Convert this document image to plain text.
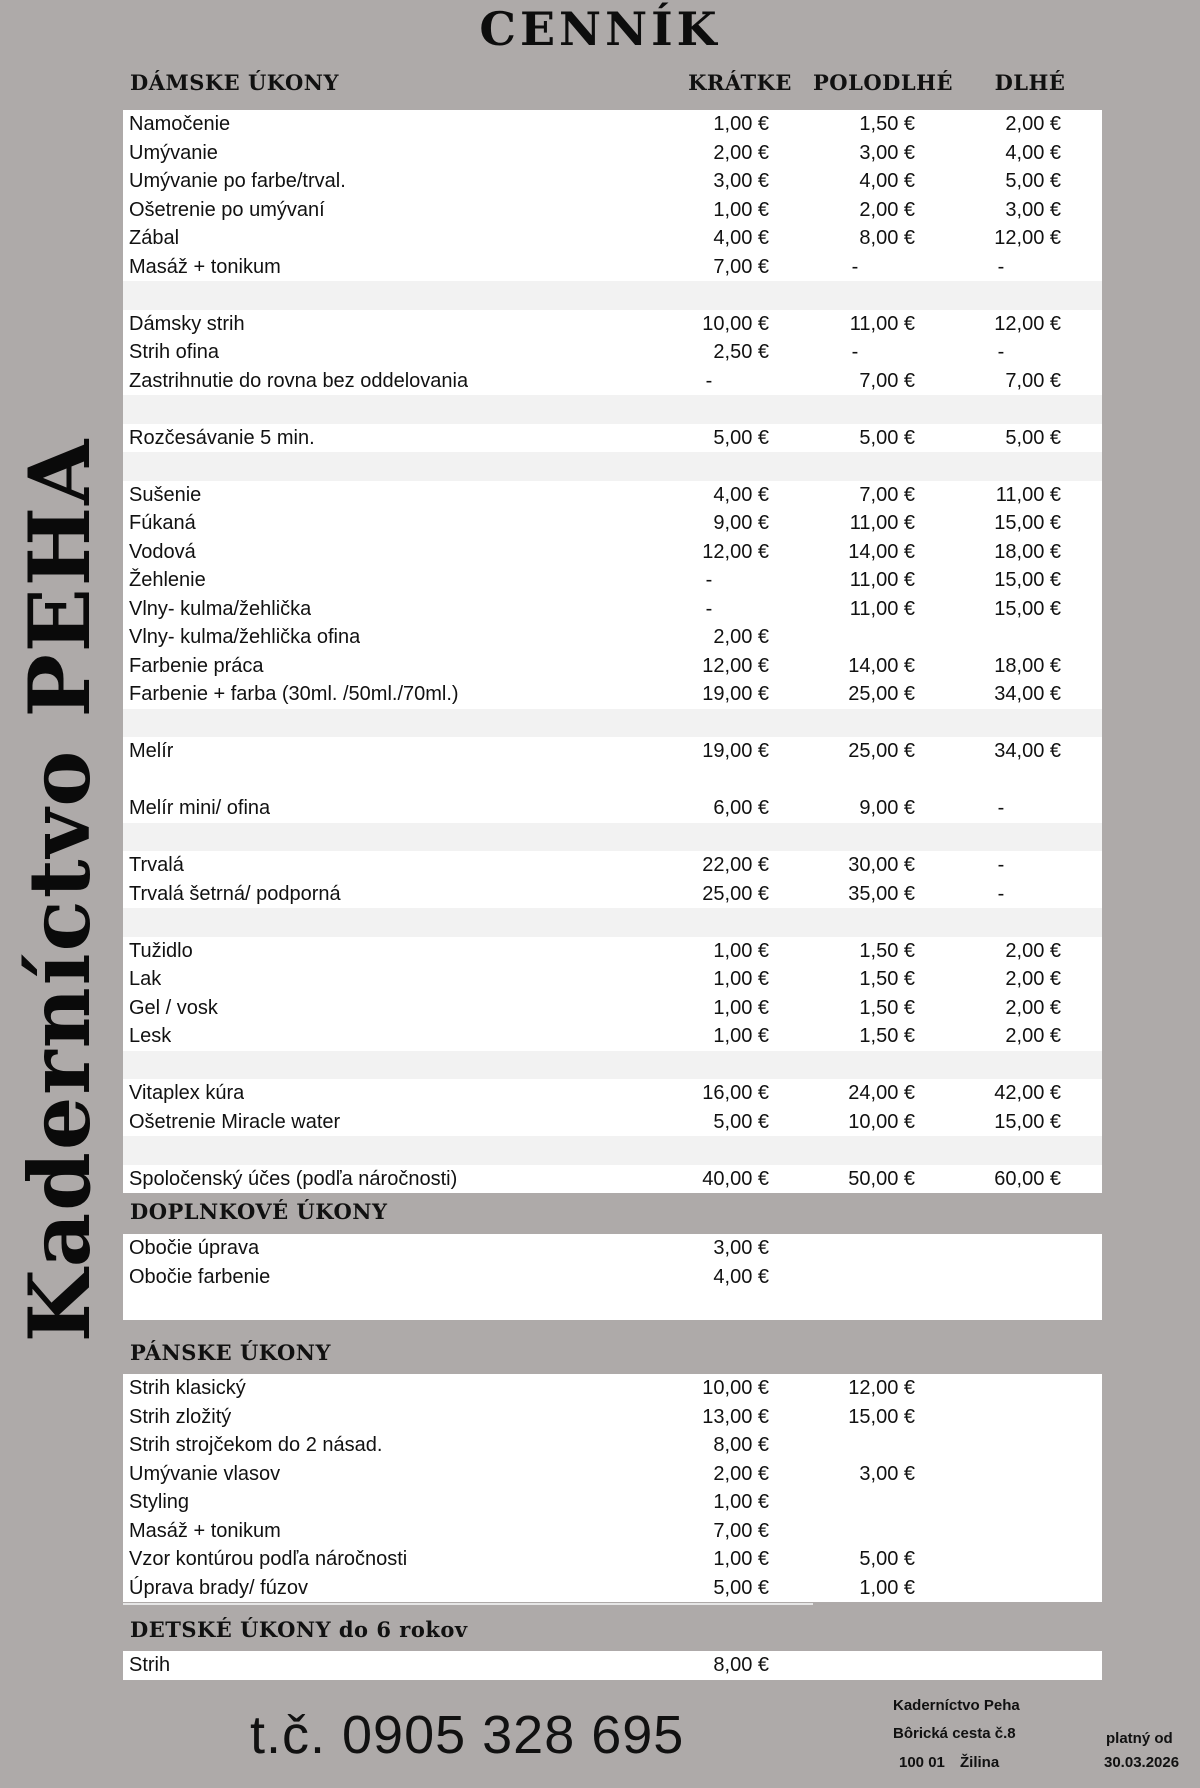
CENNÍK
Kaderníctvo PEHA
DÁMSKE ÚKONY	KRÁTKE	POLODLHÉ	DLHÉ
Namočenie	1,00 €	1,50 €	2,00 €
Umývanie	2,00 €	3,00 €	4,00 €
Umývanie po farbe/trval.	3,00 €	4,00 €	5,00 €
Ošetrenie po umývaní	1,00 €	2,00 €	3,00 €
Zábal	4,00 €	8,00 €	12,00 €
Masáž + tonikum	7,00 €	-	-
Dámsky strih	10,00 €	11,00 €	12,00 €
Strih ofina	2,50 €	-	-
Zastrihnutie do rovna bez oddelovania	-	7,00 €	7,00 €
Rozčesávanie 5 min.	5,00 €	5,00 €	5,00 €
Sušenie	4,00 €	7,00 €	11,00 €
Fúkaná	9,00 €	11,00 €	15,00 €
Vodová	12,00 €	14,00 €	18,00 €
Žehlenie	-	11,00 €	15,00 €
Vlny- kulma/žehlička	-	11,00 €	15,00 €
Vlny- kulma/žehlička ofina	2,00 €
Farbenie práca	12,00 €	14,00 €	18,00 €
Farbenie + farba (30ml. /50ml./70ml.)	19,00 €	25,00 €	34,00 €
Melír	19,00 €	25,00 €	34,00 €
Melír mini/ ofina	6,00 €	9,00 €	-
Trvalá	22,00 €	30,00 €	-
Trvalá šetrná/ podporná	25,00 €	35,00 €	-
Tužidlo	1,00 €	1,50 €	2,00 €
Lak	1,00 €	1,50 €	2,00 €
Gel / vosk	1,00 €	1,50 €	2,00 €
Lesk	1,00 €	1,50 €	2,00 €
Vitaplex kúra	16,00 €	24,00 €	42,00 €
Ošetrenie Miracle water	5,00 €	10,00 €	15,00 €
Spoločenský účes (podľa náročnosti)	40,00 €	50,00 €	60,00 €
DOPLNKOVÉ ÚKONY
Obočie úprava	3,00 €
Obočie farbenie	4,00 €
PÁNSKE ÚKONY
Strih klasický	10,00 €	12,00 €
Strih zložitý	13,00 €	15,00 €
Strih strojčekom do 2 násad.	8,00 €
Umývanie vlasov	2,00 €	3,00 €
Styling	1,00 €
Masáž + tonikum	7,00 €
Vzor kontúrou podľa náročnosti	1,00 €	5,00 €
Úprava brady/ fúzov	5,00 €	1,00 €
DETSKÉ ÚKONY do 6 rokov
Strih	8,00 €
t.č. 0905 328 695	Kaderníctvo Peha
Bôrická cesta č.8
100 01 Žilina
platný od
30.03.2026
